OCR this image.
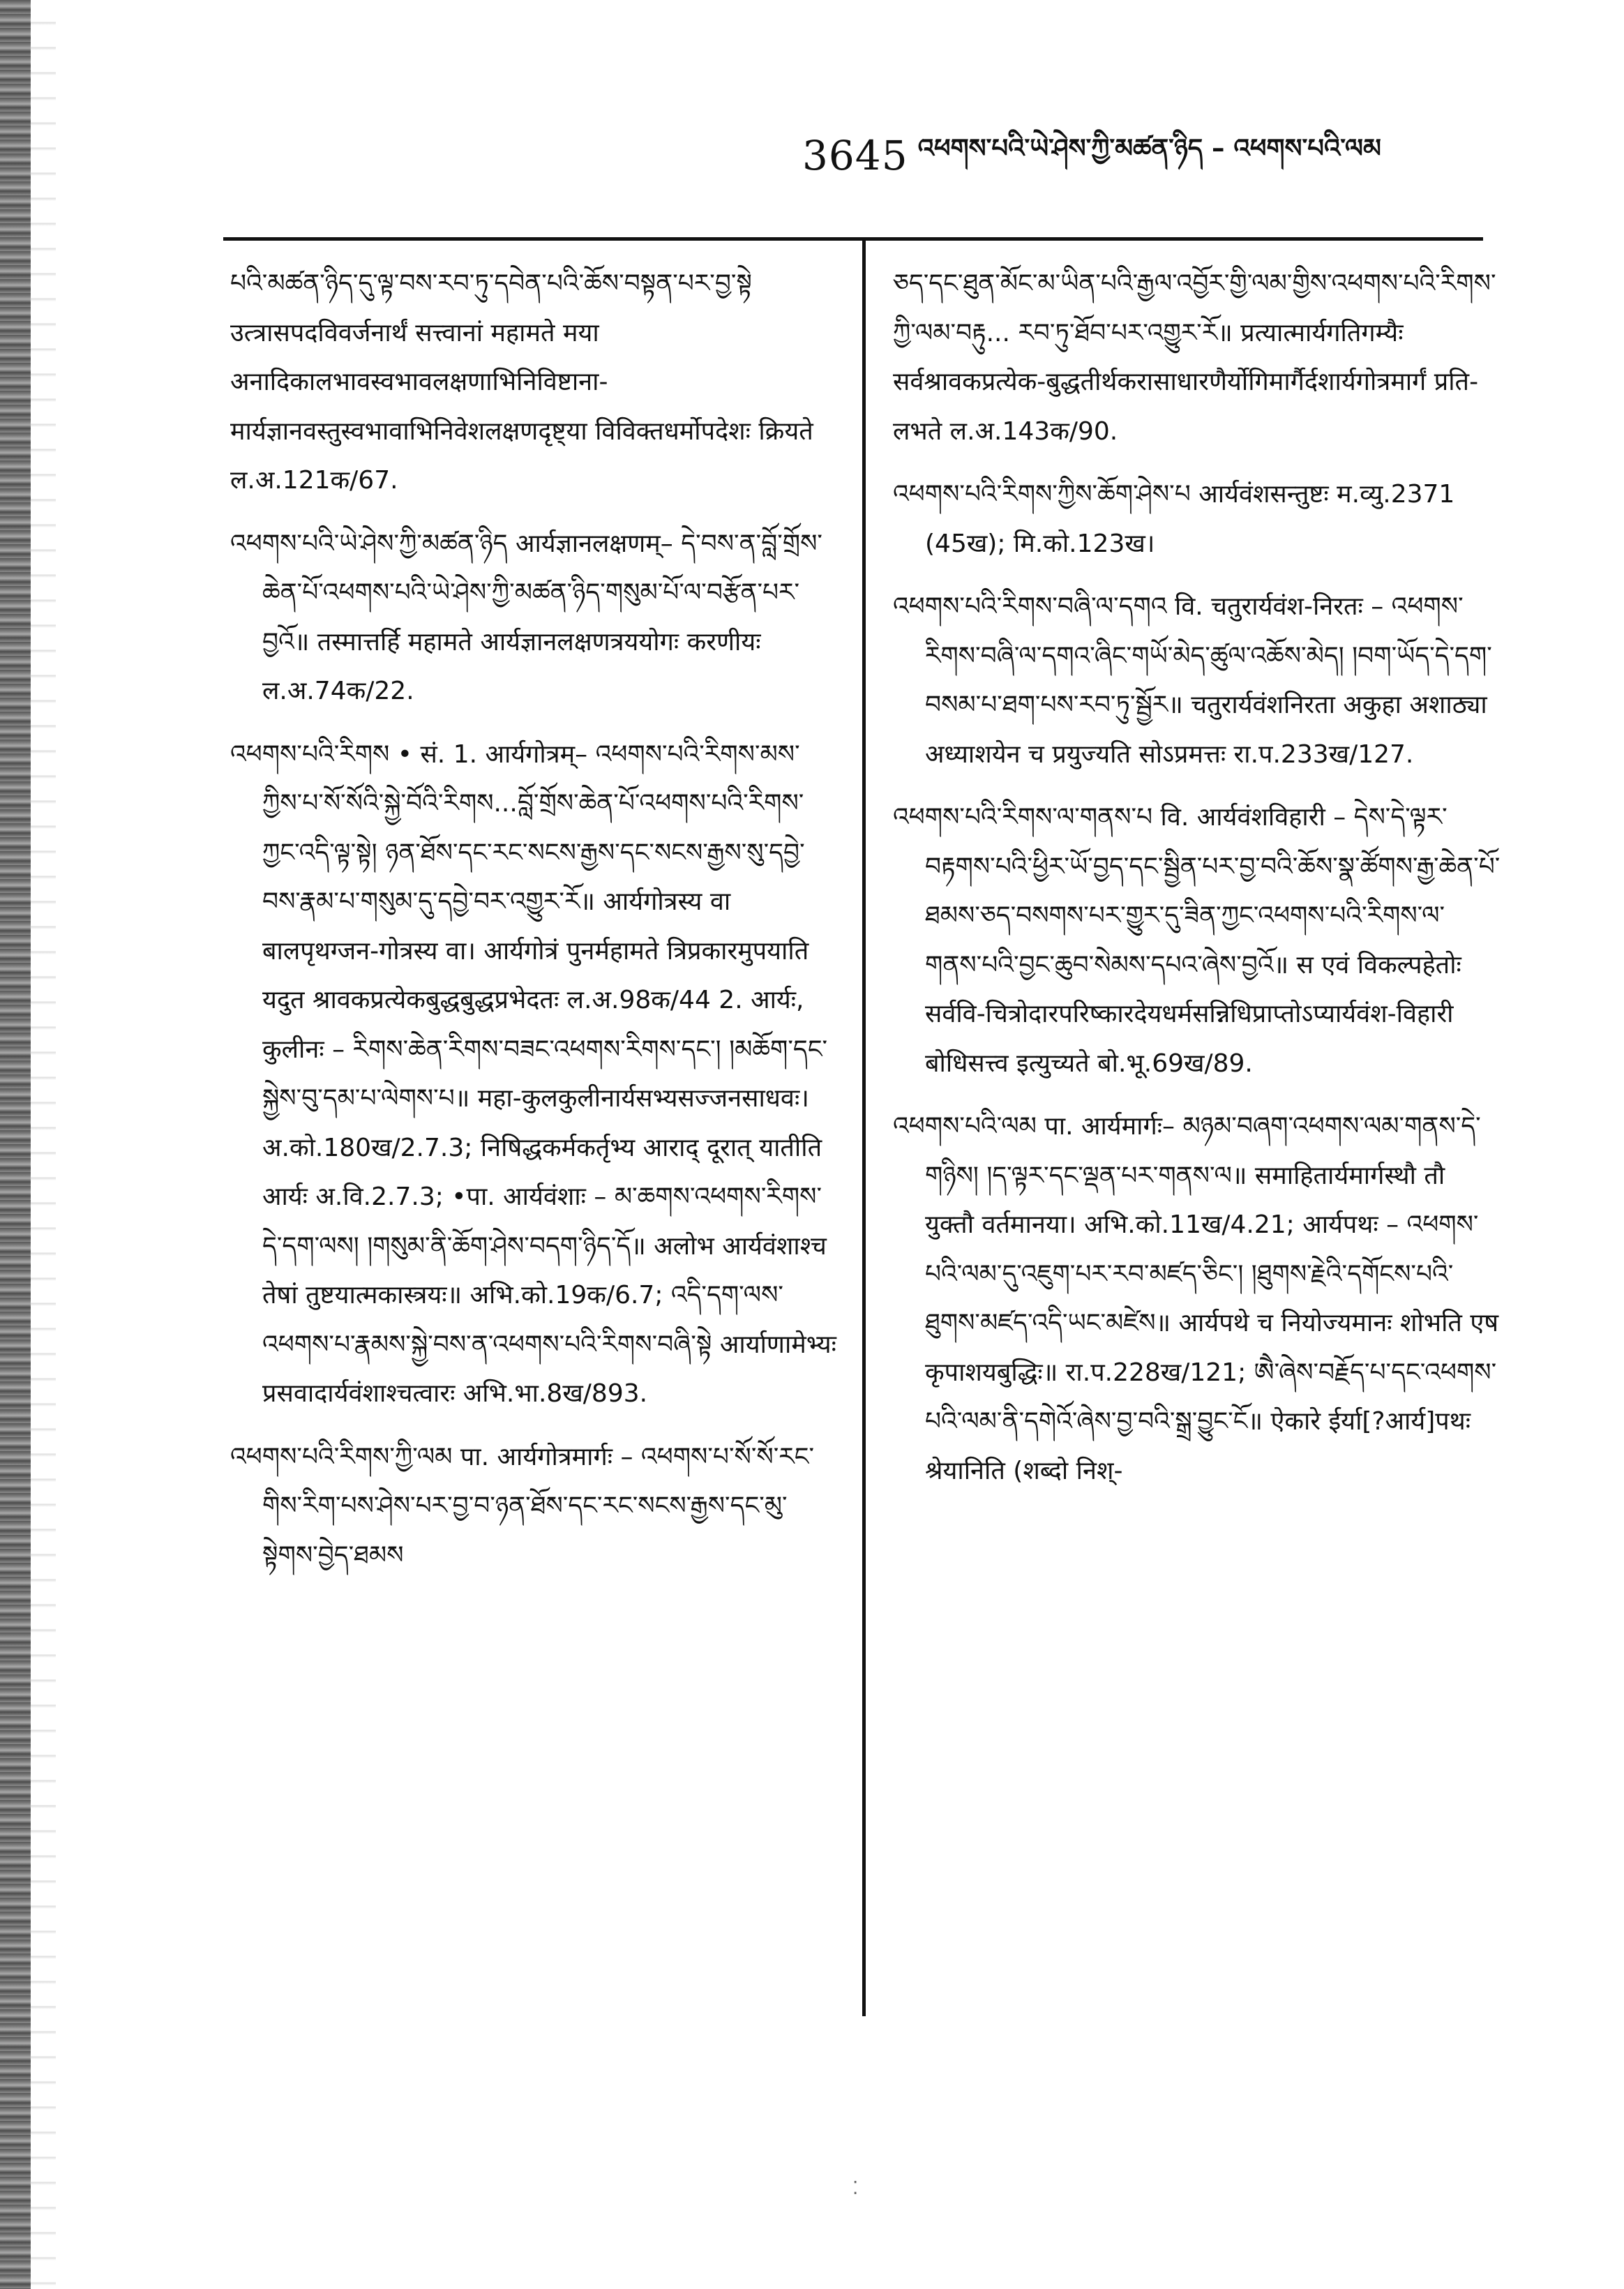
3645 འཕགས་པའི་ཡེ་ཤེས་ཀྱི་མཚན་ཉིད – འཕགས་པའི་ལམ

པའི་མཚན་ཉིད་དུ་ལྟ་བས་རབ་ཏུ་དབེན་པའི་ཆོས་བསྟན་པར་བྱ་སྟེ उत्त्रासपदविवर्जनार्थं सत्त्वानां महामते मया अनादिकालभावस्वभावलक्षणाभिनिविष्टाना-मार्यज्ञानवस्तुस्वभावाभिनिवेशलक्षणदृष्ट्या विविक्तधर्मोपदेशः क्रियते ल.अ.121क/67.

འཕགས་པའི་ཡེ་ཤེས་ཀྱི་མཚན་ཉིད आर्यज्ञानलक्षणम्– དེ་བས་ན་བློ་གྲོས་ཆེན་པོ་འཕགས་པའི་ཡེ་ཤེས་ཀྱི་མཚན་ཉིད་གསུམ་པོ་ལ་བརྩོན་པར་བྱའོ॥ तस्मात्तर्हि महामते आर्यज्ञानलक्षणत्रययोगः करणीयः ल.अ.74क/22.

འཕགས་པའི་རིགས • सं. 1. आर्यगोत्रम्– འཕགས་པའི་རིགས་མས་ཀྱིས་པ་སོ་སོའི་སྐྱེ་བོའི་རིགས...བློ་གྲོས་ཆེན་པོ་འཕགས་པའི་རིགས་ཀྱང་འདི་ལྟ་སྟེ། ཉན་ཐོས་དང་རང་སངས་རྒྱས་དང་སངས་རྒྱས་སུ་དབྱེ་བས་རྣམ་པ་གསུམ་དུ་དབྱེ་བར་འགྱུར་རོ॥ आर्यगोत्रस्य वा बालपृथग्जन-गोत्रस्य वा। आर्यगोत्रं पुनर्महामते त्रिप्रकारमुपयाति यदुत श्रावकप्रत्येकबुद्धबुद्धप्रभेदतः ल.अ.98क/44 2. आर्यः, कुलीनः – རིགས་ཆེན་རིགས་བཟང་འཕགས་རིགས་དང་། །མཆོག་དང་སྐྱེས་བུ་དམ་པ་ལེགས་པ॥ महा-कुलकुलीनार्यसभ्यसज्जनसाधवः। अ.को.180ख/2.7.3; निषिद्धकर्मकर्तृभ्य आराद् दूरात् यातीति आर्यः अ.वि.2.7.3; •पा. आर्यवंशाः – མ་ཆགས་འཕགས་རིགས་དེ་དག་ལས། །གསུམ་ནི་ཆོག་ཤེས་བདག་ཉིད་དོ॥ अलोभ आर्यवंशाश्च तेषां तुष्टयात्मकास्त्रयः॥ अभि.को.19क/6.7; འདི་དག་ལས་འཕགས་པ་རྣམས་སྐྱེ་བས་ན་འཕགས་པའི་རིགས་བཞི་སྟེ आर्याणामेभ्यः प्रसवादार्यवंशाश्चत्वारः अभि.भा.8ख/893.

འཕགས་པའི་རིགས་ཀྱི་ལམ पा. आर्यगोत्रमार्गः – འཕགས་པ་སོ་སོ་རང་གིས་རིག་པས་ཤེས་པར་བྱ་བ་ཉན་ཐོས་དང་རང་སངས་རྒྱས་དང་མུ་སྟེགས་བྱེད་ཐམས

ཅད་དང་ཐུན་མོང་མ་ཡིན་པའི་རྒྱལ་འབྱོར་གྱི་ལམ་གྱིས་འཕགས་པའི་རིགས་ཀྱི་ལམ་བརྟུ... རབ་ཏུ་ཐོབ་པར་འགྱུར་རོ॥ प्रत्यात्मार्यगतिगम्यैः सर्वश्रावकप्रत्येक-बुद्धतीर्थकरासाधारणैर्योगिमार्गैर्दशार्यगोत्रमार्गं प्रति-लभते ल.अ.143क/90.

འཕགས་པའི་རིགས་ཀྱིས་ཆོག་ཤེས་པ आर्यवंशसन्तुष्टः म.व्यु.2371 (45ख); मि.को.123ख।

འཕགས་པའི་རིགས་བཞི་ལ་དགའ वि. चतुरार्यवंश-निरतः – འཕགས་རིགས་བཞི་ལ་དགའ་ཞིང་གཡོ་མེད་ཚུལ་འཆོས་མེད། །བག་ཡོད་དེ་དག་བསམ་པ་ཐག་པས་རབ་ཏུ་སྦྱོར॥ चतुरार्यवंशनिरता अकुहा अशाठ्या अध्याशयेन च प्रयुज्यति सोऽप्रमत्तः रा.प.233ख/127.

འཕགས་པའི་རིགས་ལ་གནས་པ वि. आर्यवंशविहारी – དེས་དེ་ལྟར་བརྟགས་པའི་ཕྱིར་ཡོ་བྱད་དང་སྦྱིན་པར་བྱ་བའི་ཆོས་སྣ་ཚོགས་རྒྱ་ཆེན་པོ་ཐམས་ཅད་བསགས་པར་གྱུར་དུ་ཟིན་ཀྱང་འཕགས་པའི་རིགས་ལ་གནས་པའི་བྱང་ཆུབ་སེམས་དཔའ་ཞེས་བྱའོ॥ स एवं विकल्पहेतोः सर्ववि-चित्रोदारपरिष्कारदेयधर्मसन्निधिप्राप्तोऽप्यार्यवंश-विहारी बोधिसत्त्व इत्युच्यते बो.भू.69ख/89.

འཕགས་པའི་ལམ पा. आर्यमार्गः– མཉམ་བཞག་འཕགས་ལམ་གནས་དེ་གཉིས། །ད་ལྟར་དང་ལྡན་པར་གནས་ལ॥ समाहितार्यमार्गस्थौ तौ युक्तौ वर्तमानया। अभि.को.11ख/4.21; आर्यपथः – འཕགས་པའི་ལམ་དུ་འཇུག་པར་རབ་མཛད་ཅིང་། །ཐུགས་རྗེའི་དགོངས་པའི་ཐུགས་མཛད་འདི་ཡང་མཛེས॥ आर्यपथे च नियोज्यमानः शोभति एष कृपाशयबुद्धिः॥ रा.प.228ख/121; ཨཻ་ཞེས་བརྗོད་པ་དང་འཕགས་པའི་ལམ་ནི་དགེའོ་ཞེས་བྱ་བའི་སྒྲ་བྱུང་ངོ॥ ऐकारे ईर्या[?आर्य]पथः श्रेयानिति (शब्दो निश्-

⁚
